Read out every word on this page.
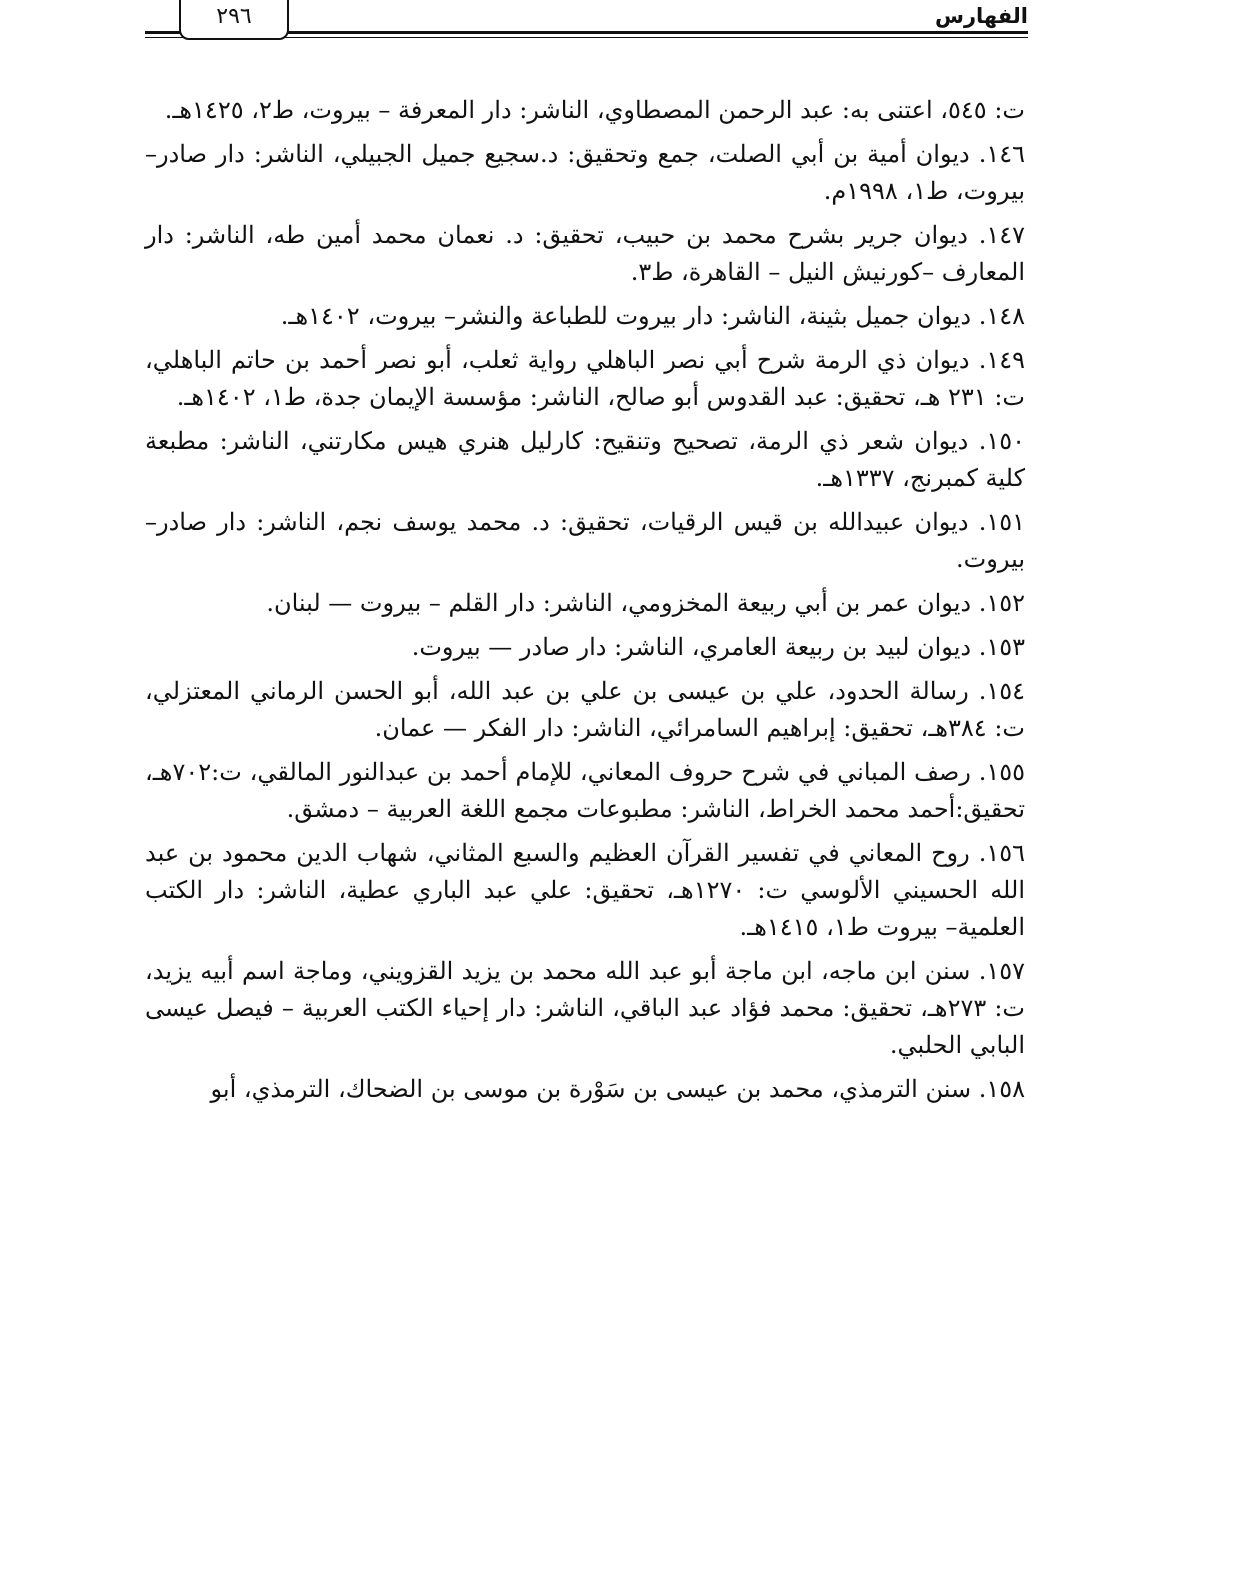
الفهارس
٢٩٦

ت: ٥٤٥، اعتنى به: عبد الرحمن المصطاوي، الناشر: دار المعرفة – بيروت، ط٢، ١٤٢٥هـ.

١٤٦. ديوان أمية بن أبي الصلت، جمع وتحقيق: د.سجيع جميل الجبيلي، الناشر: دار صادر– بيروت، ط١، ١٩٩٨م.

١٤٧. ديوان جرير بشرح محمد بن حبيب، تحقيق: د. نعمان محمد أمين طه، الناشر: دار المعارف –كورنيش النيل – القاهرة، ط٣.

١٤٨. ديوان جميل بثينة، الناشر: دار بيروت للطباعة والنشر– بيروت، ١٤٠٢هـ.

١٤٩. ديوان ذي الرمة شرح أبي نصر الباهلي رواية ثعلب، أبو نصر أحمد بن حاتم الباهلي، ت: ٢٣١ هـ، تحقيق: عبد القدوس أبو صالح، الناشر: مؤسسة الإيمان جدة، ط١، ١٤٠٢هـ.

١٥٠. ديوان شعر ذي الرمة، تصحيح وتنقيح: كارليل هنري هيس مكارتني، الناشر: مطبعة كلية كمبرنج، ١٣٣٧هـ.

١٥١. ديوان عبيدالله بن قيس الرقيات، تحقيق: د. محمد يوسف نجم، الناشر: دار صادر– بيروت.

١٥٢. ديوان عمر بن أبي ربيعة المخزومي، الناشر: دار القلم – بيروت — لبنان.

١٥٣. ديوان لبيد بن ربيعة العامري، الناشر: دار صادر — بيروت.

١٥٤. رسالة الحدود، علي بن عيسى بن علي بن عبد الله، أبو الحسن الرماني المعتزلي، ت: ٣٨٤هـ، تحقيق: إبراهيم السامرائي، الناشر: دار الفكر — عمان.

١٥٥. رصف المباني في شرح حروف المعاني، للإمام أحمد بن عبدالنور المالقي، ت:٧٠٢هـ، تحقيق:أحمد محمد الخراط، الناشر: مطبوعات مجمع اللغة العربية – دمشق.

١٥٦. روح المعاني في تفسير القرآن العظيم والسبع المثاني، شهاب الدين محمود بن عبد الله الحسيني الألوسي ت: ١٢٧٠هـ، تحقيق: علي عبد الباري عطية، الناشر: دار الكتب العلمية– بيروت ط١، ١٤١٥هـ.

١٥٧. سنن ابن ماجه، ابن ماجة أبو عبد الله محمد بن يزيد القزويني، وماجة اسم أبيه يزيد، ت: ٢٧٣هـ، تحقيق: محمد فؤاد عبد الباقي، الناشر: دار إحياء الكتب العربية – فيصل عيسى البابي الحلبي.

١٥٨. سنن الترمذي، محمد بن عيسى بن سَوْرة بن موسى بن الضحاك، الترمذي، أبو
